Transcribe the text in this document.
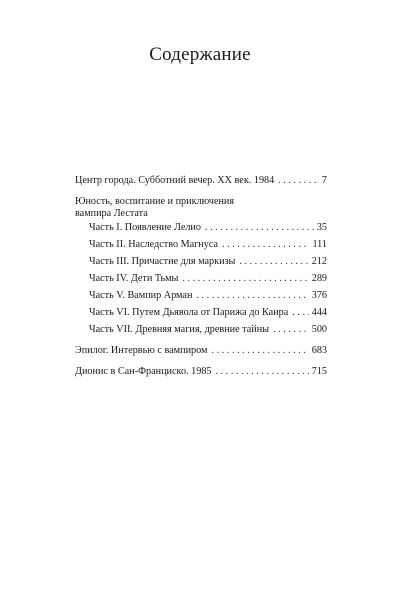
Содержание
Центр города. Субботний вечер. XX век. 1984 . . .	7
Юность, воспитание и приключения
вампира Лестата
Часть I. Появление Лелио . . .	35
Часть II. Наследство Магнуса . . .	111
Часть III. Причастие для маркизы . . .	212
Часть IV. Дети Тьмы . . .	289
Часть V. Вампир Арман . . .	376
Часть VI. Путем Дьявола от Парижа до Каира . . . 444
Часть VII. Древняя магия, древние тайны . . .	500
Эпилог. Интервью с вампиром . . .	683
Дионис в Сан-Франциско. 1985 . . .	715
